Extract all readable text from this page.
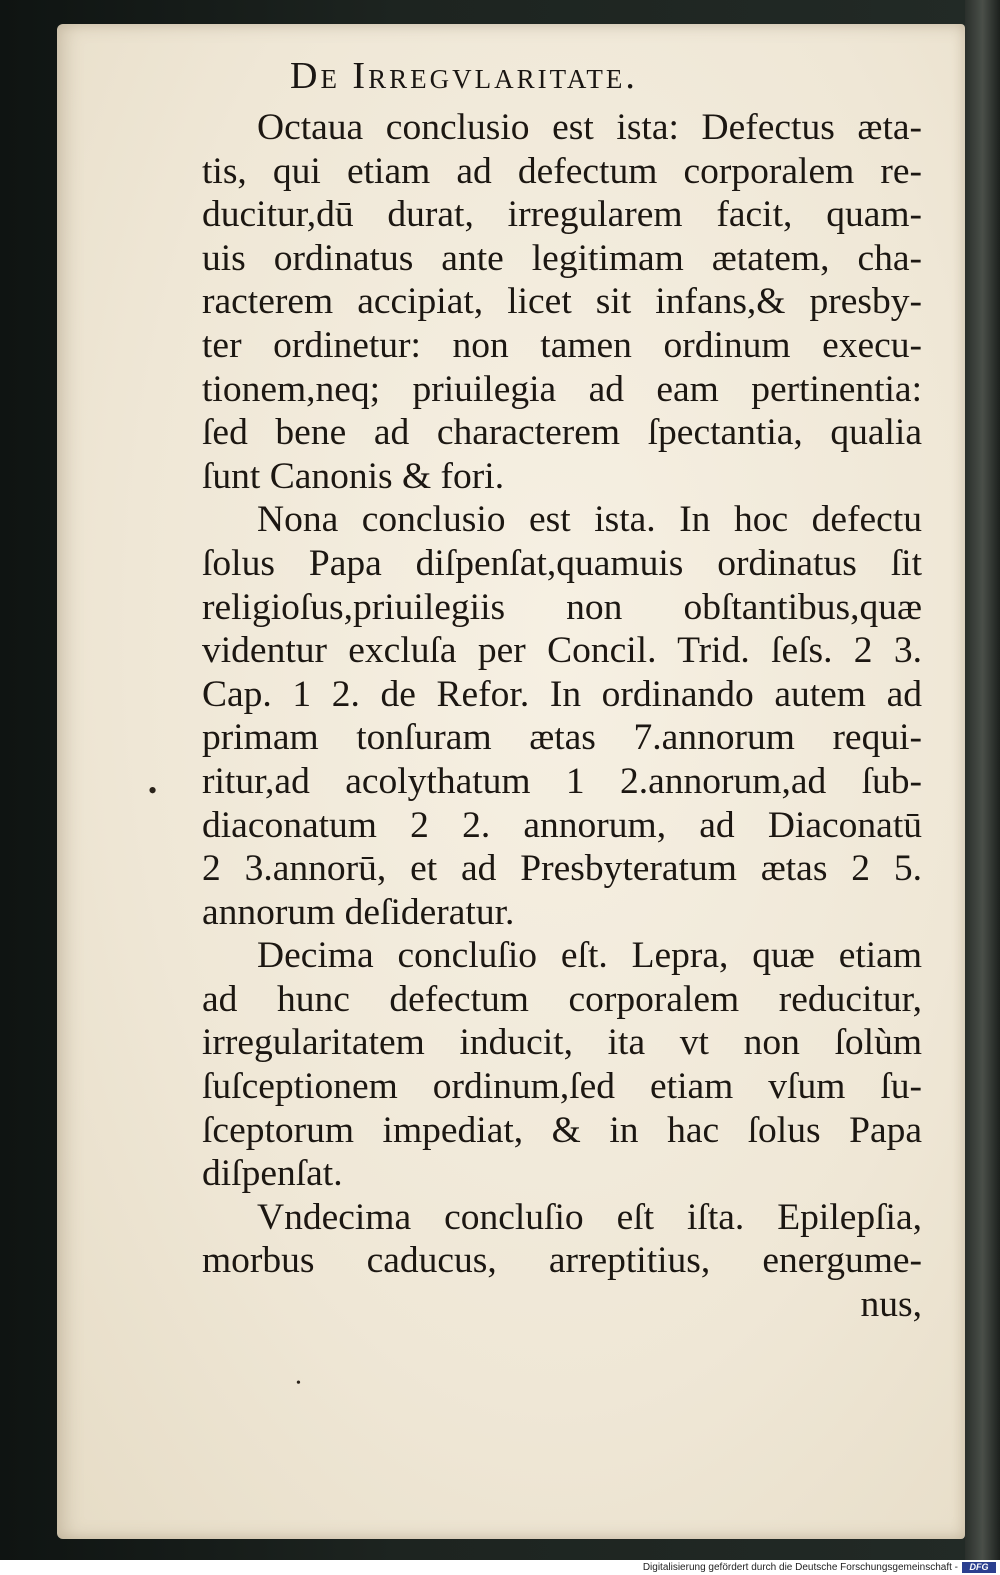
De Irregvlaritate.
Octaua conclusio est ista: Defectus ætа-
tis, qui etiam ad defectum corporalem re-
ducitur,dū durat, irregularem facit, quam-
uis ordinatus ante legitimam ætatem, cha-
racterem accipiat, licet sit infans,& presby-
ter ordinetur: non tamen ordinum execu-
tionem,neq; priuilegia ad eam pertinentia:
ſed bene ad characterem ſpectantia, qualia
ſunt Canonis & fori.
Nona conclusio est ista. In hoc defectu
ſolus Papa diſpenſat,quamuis ordinatus ſit
religioſus,priuilegiis non obſtantibus,quæ
videntur excluſa per Concil. Trid. ſeſs. 2 3.
Cap. 1 2. de Refor. In ordinando autem ad
primam tonſuram ætas 7.annorum requi-
ritur,ad acolythatum 1 2.annorum,ad ſub-
diaconatum 2 2. annorum, ad Diaconatū
2 3.annorū, et ad Presbyteratum ætas 2 5.
annorum deſideratur.
Decima concluſio eſt. Lepra, quæ etiam
ad hunc defectum corporalem reducitur,
irregularitatem inducit, ita vt non ſolùm
ſuſceptionem ordinum,ſed etiam vſum ſu-
ſceptorum impediat, & in hac ſolus Papa
diſpenſat.
Vndecima concluſio eſt iſta. Epilepſia,
morbus caducus, arreptitius, energume-
nus,
•
•
Digitalisierung gefördert durch die Deutsche Forschungsgemeinschaft -	DFG
